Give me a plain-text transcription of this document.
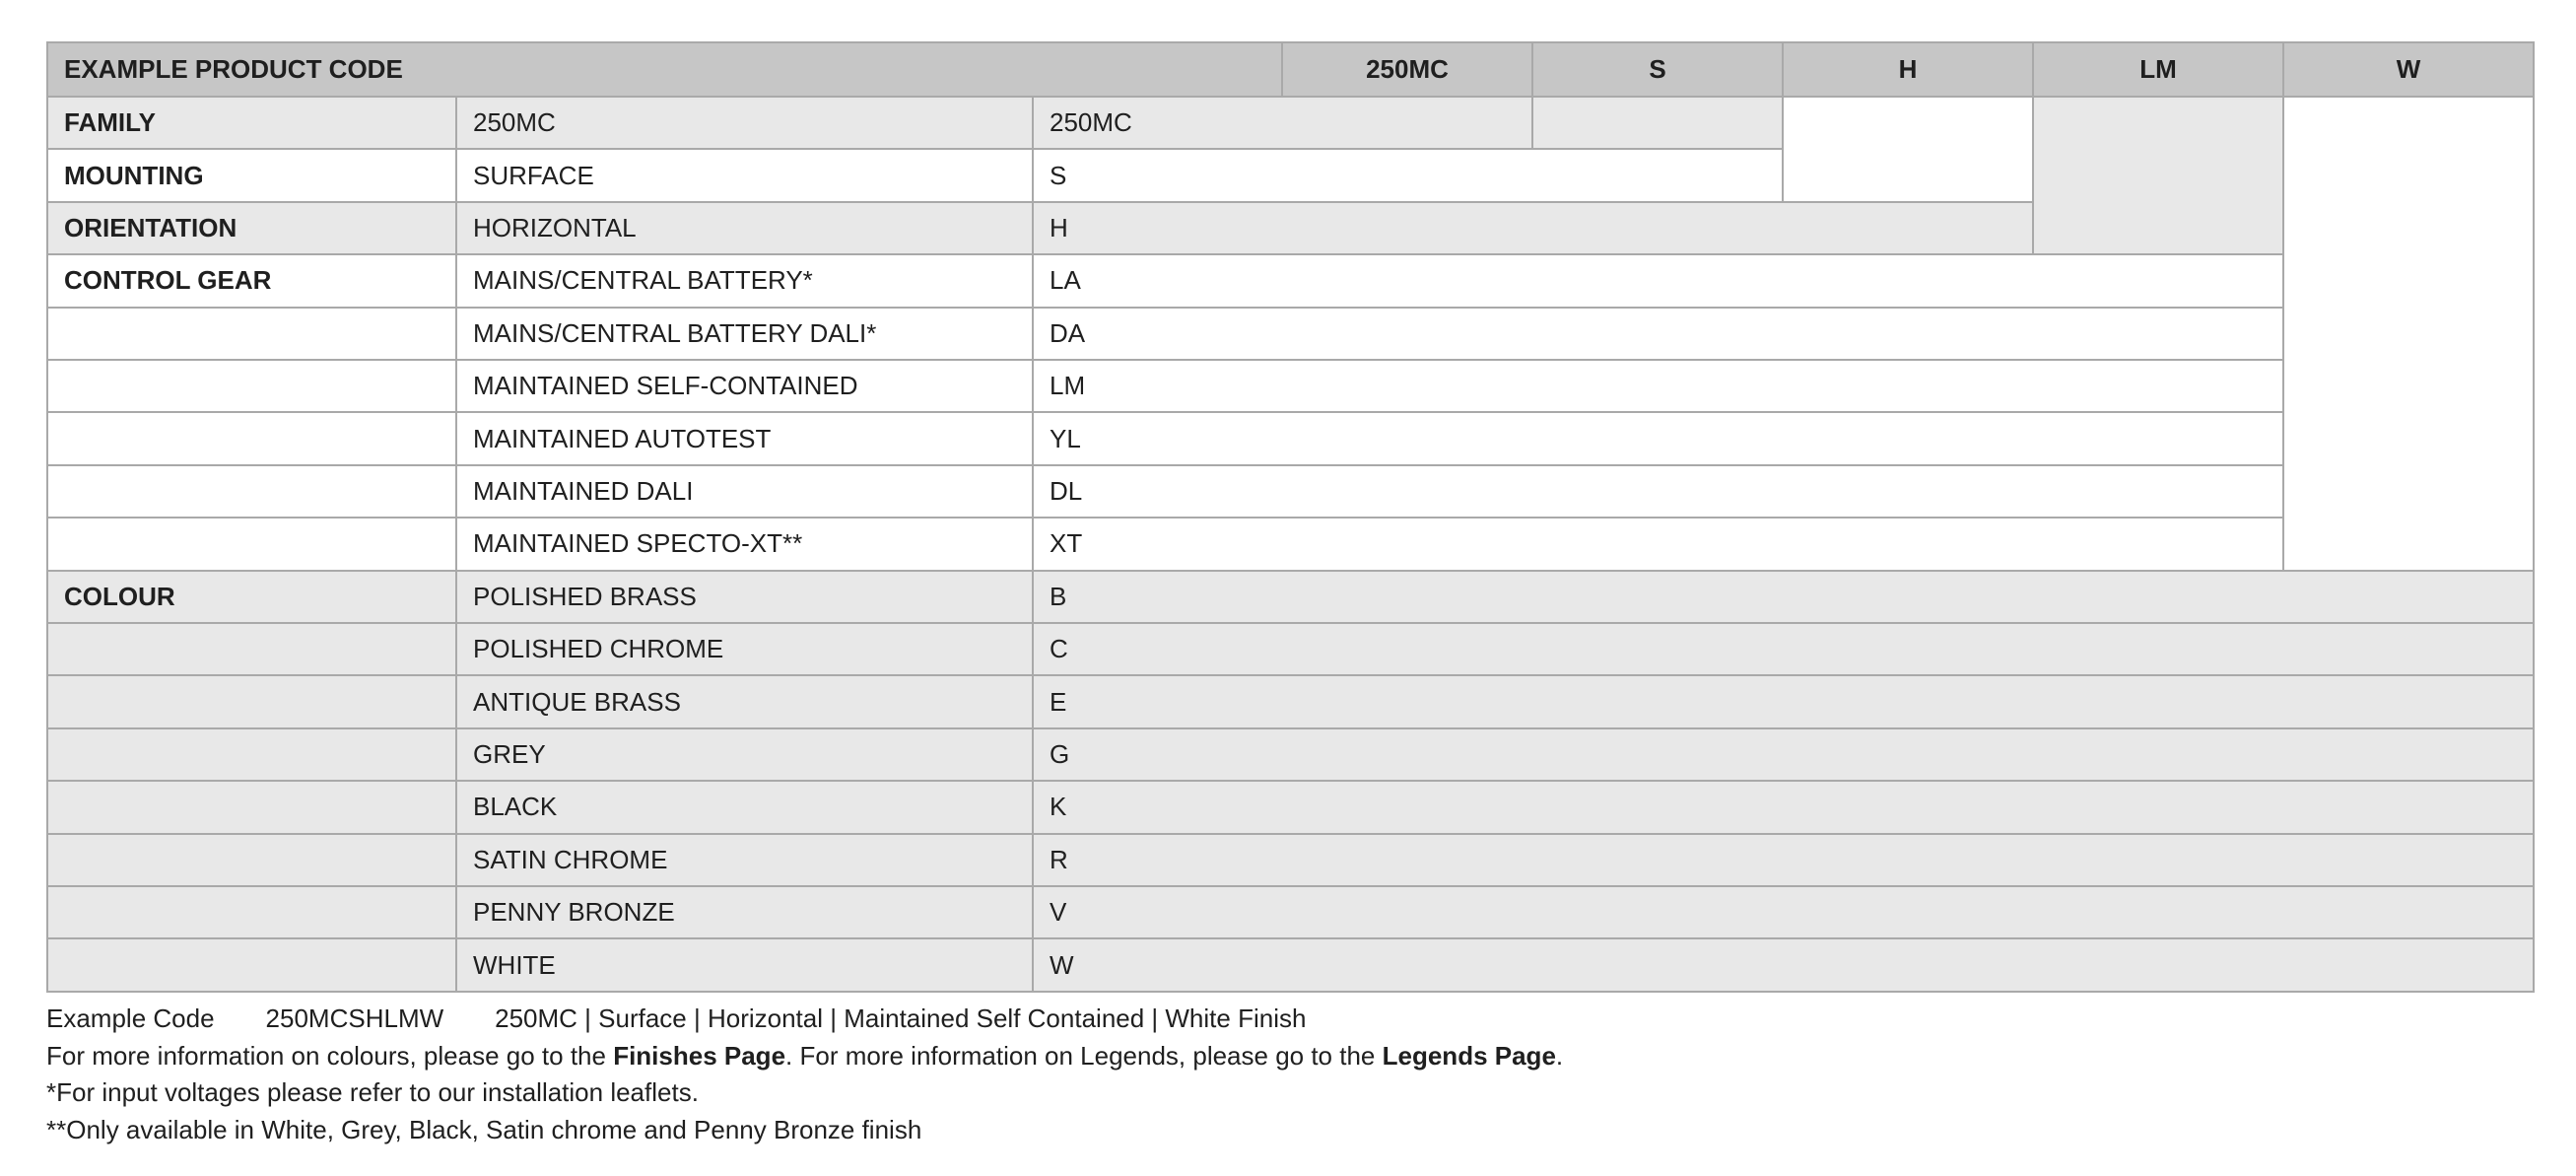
EXAMPLE PRODUCT CODE	250MC	S	H	LM	W
FAMILY	250MC	250MC
MOUNTING	SURFACE	S
ORIENTATION	HORIZONTAL	H
CONTROL GEAR	MAINS/CENTRAL BATTERY*	LA
MAINS/CENTRAL BATTERY DALI*	DA
MAINTAINED SELF-CONTAINED	LM
MAINTAINED AUTOTEST	YL
MAINTAINED DALI	DL
MAINTAINED SPECTO-XT**	XT
COLOUR	POLISHED BRASS	B
POLISHED CHROME	C
ANTIQUE BRASS	E
GREY	G
BLACK	K
SATIN CHROME	R
PENNY BRONZE	V
WHITE	W

Example Code 250MCSHLMW 250MC | Surface | Horizontal | Maintained Self Contained | White Finish

For more information on colours, please go to the Finishes Page. For more information on Legends, please go to the Legends Page.

*For input voltages please refer to our installation leaflets.

**Only available in White, Grey, Black, Satin chrome and Penny Bronze finish
